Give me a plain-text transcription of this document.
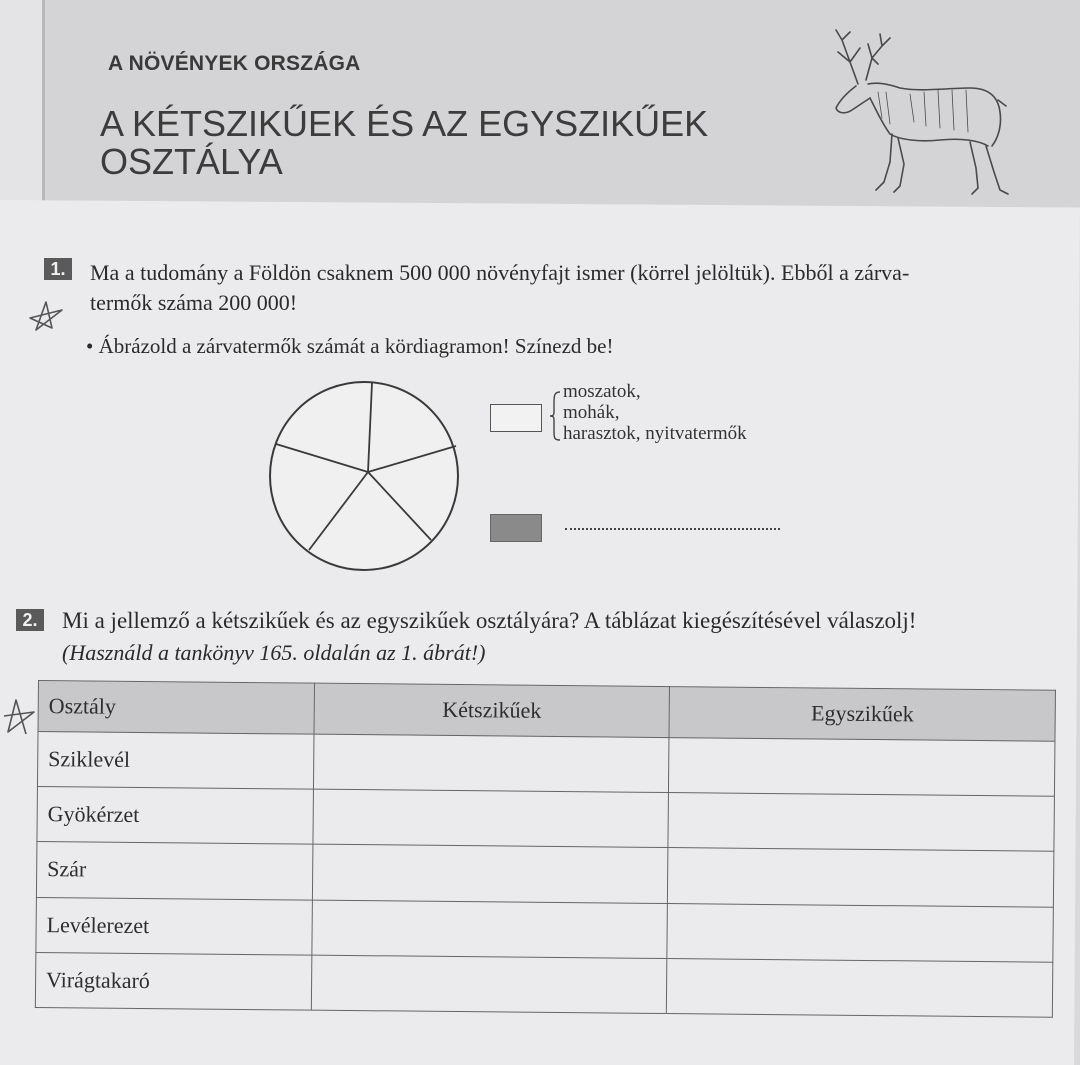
A NÖVÉNYEK ORSZÁGA
A KÉTSZIKŰEK ÉS AZ EGYSZIKŰEK
OSZTÁLYA
1. Ma a tudomány a Földön csaknem 500 000 növényfajt ismer (körrel jelöltük). Ebből a zárva-
termők száma 200 000!
• Ábrázold a zárvatermők számát a kördiagramon! Színezd be!
moszatok,
mohák,
harasztok, nyitvatermők
2. Mi a jellemző a kétszikűek és az egyszikűek osztályára? A táblázat kiegészítésével válaszolj!
(Használd a tankönyv 165. oldalán az 1. ábrát!)
Osztály	Kétszikűek	Egyszikűek
Sziklevél		
Gyökérzet		
Szár		
Levélerezet		
Virágtakaró		
